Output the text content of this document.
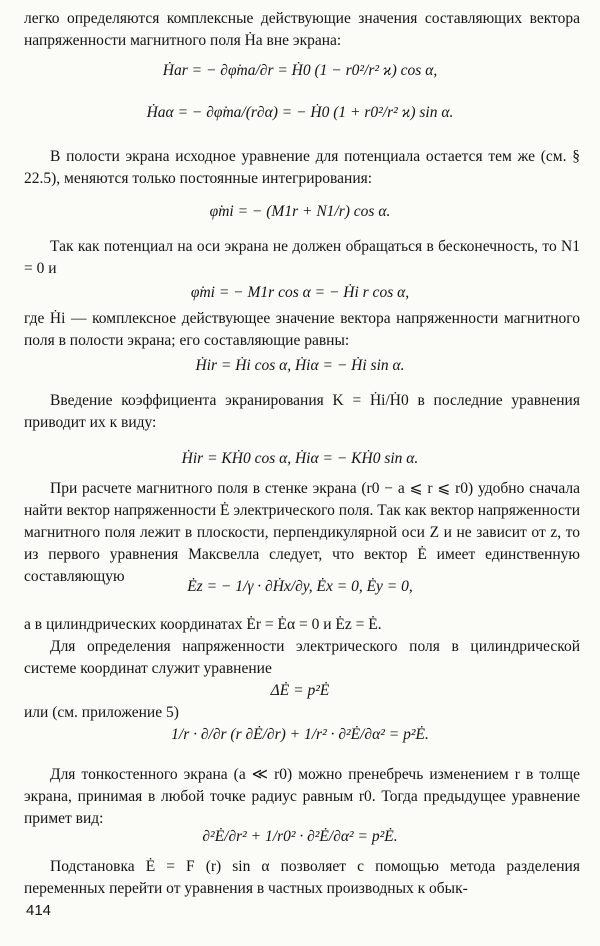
легко определяются комплексные действующие значения составляющих вектора напряженности магнитного поля Ḣa вне экрана:

Ḣar = − ∂φ̇ma/∂r = Ḣ0 (1 − r0²/r² ϰ) cos α,
Ḣaα = − ∂φ̇ma/(r∂α) = − Ḣ0 (1 + r0²/r² ϰ) sin α.

В полости экрана исходное уравнение для потенциала остается тем же (см. § 22.5), меняются только постоянные интегрирования:

φ̇mi = − (M1r + N1/r) cos α.

Так как потенциал на оси экрана не должен обращаться в бесконечность, то N1 = 0 и

φ̇mi = − M1r cos α = − Ḣi r cos α,

где Ḣi — комплексное действующее значение вектора напряженности магнитного поля в полости экрана; его составляющие равны:

Ḣir = Ḣi cos α, Ḣiα = − Ḣi sin α.

Введение коэффициента экранирования K = Ḣi/Ḣ0 в последние уравнения приводит их к виду:

Ḣir = KḢ0 cos α, Ḣiα = − KḢ0 sin α.

При расчете магнитного поля в стенке экрана (r0 − a ⩽ r ⩽ r0) удобно сначала найти вектор напряженности Ė электрического поля. Так как вектор напряженности магнитного поля лежит в плоскости, перпендикулярной оси Z и не зависит от z, то из первого уравнения Максвелла следует, что вектор Ė имеет единственную составляющую

Ėz = − 1/γ · ∂Ḣx/∂y, Ėx = 0, Ėy = 0,

а в цилиндрических координатах Ėr = Ėα = 0 и Ėz = Ė.

Для определения напряженности электрического поля в цилиндрической системе координат служит уравнение

ΔĖ = p²Ė

или (см. приложение 5)

1/r · ∂/∂r (r ∂Ė/∂r) + 1/r² · ∂²Ė/∂α² = p²Ė.

Для тонкостенного экрана (a ≪ r0) можно пренебречь изменением r в толще экрана, принимая в любой точке радиус равным r0. Тогда предыдущее уравнение примет вид:

∂²Ė/∂r² + 1/r0² · ∂²Ė/∂α² = p²Ė.

Подстановка Ė = F (r) sin α позволяет с помощью метода разделения переменных перейти от уравнения в частных производных к обык-

414
